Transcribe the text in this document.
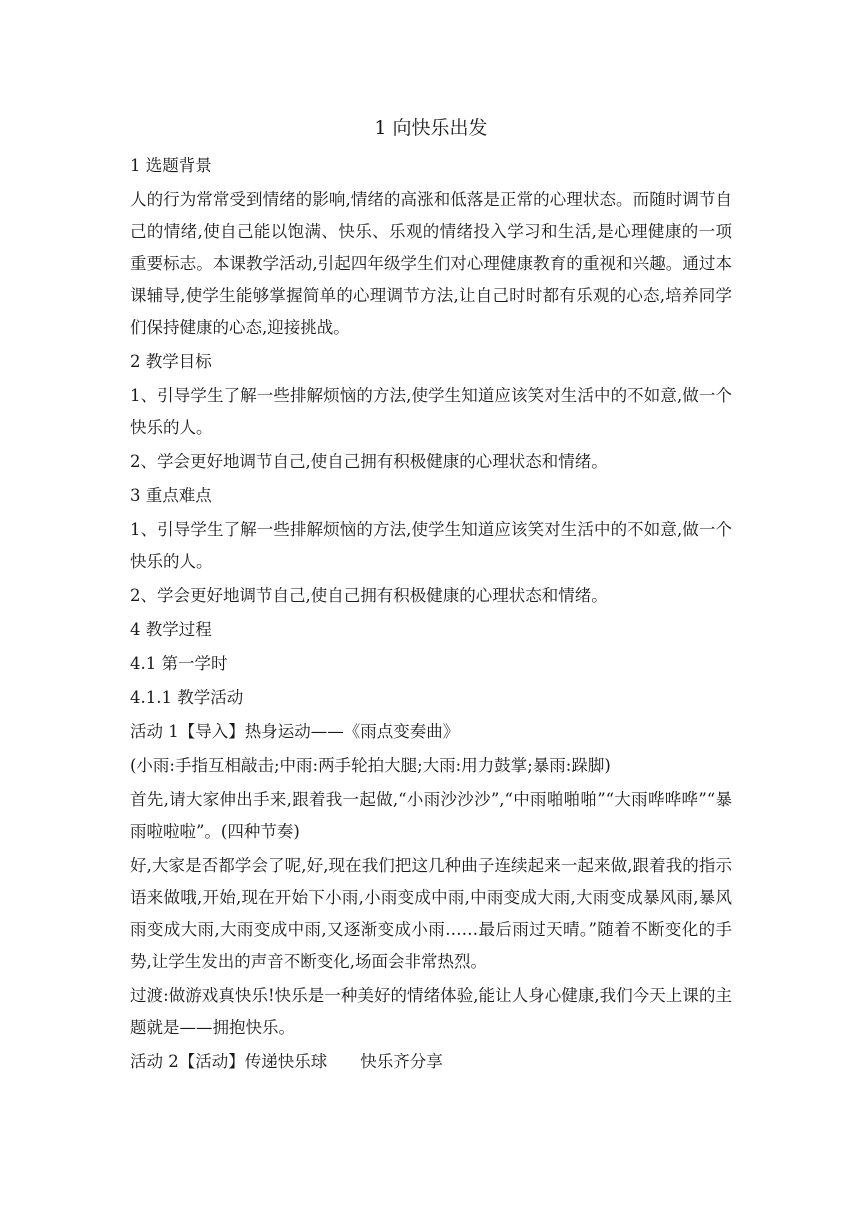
1 向快乐出发
1 选题背景
人的行为常常受到情绪的影响,情绪的高涨和低落是正常的心理状态。而随时调节自己的情绪,使自己能以饱满、快乐、乐观的情绪投入学习和生活,是心理健康的一项重要标志。本课教学活动,引起四年级学生们对心理健康教育的重视和兴趣。通过本课辅导,使学生能够掌握简单的心理调节方法,让自己时时都有乐观的心态,培养同学们保持健康的心态,迎接挑战。
2 教学目标
1、引导学生了解一些排解烦恼的方法,使学生知道应该笑对生活中的不如意,做一个快乐的人。
2、学会更好地调节自己,使自己拥有积极健康的心理状态和情绪。
3 重点难点
1、引导学生了解一些排解烦恼的方法,使学生知道应该笑对生活中的不如意,做一个快乐的人。
2、学会更好地调节自己,使自己拥有积极健康的心理状态和情绪。
4 教学过程
4.1 第一学时
4.1.1 教学活动
活动 1【导入】热身运动——《雨点变奏曲》
(小雨:手指互相敲击;中雨:两手轮拍大腿;大雨:用力鼓掌;暴雨:跺脚)
首先,请大家伸出手来,跟着我一起做,“小雨沙沙沙”,“中雨啪啪啪”“大雨哗哗哗”“暴雨啦啦啦”。(四种节奏)
好,大家是否都学会了呢,好,现在我们把这几种曲子连续起来一起来做,跟着我的指示语来做哦,开始,现在开始下小雨,小雨变成中雨,中雨变成大雨,大雨变成暴风雨,暴风雨变成大雨,大雨变成中雨,又逐渐变成小雨……最后雨过天晴。”随着不断变化的手势,让学生发出的声音不断变化,场面会非常热烈。
过渡:做游戏真快乐!快乐是一种美好的情绪体验,能让人身心健康,我们今天上课的主题就是——拥抱快乐。
活动 2【活动】传递快乐球　　快乐齐分享
